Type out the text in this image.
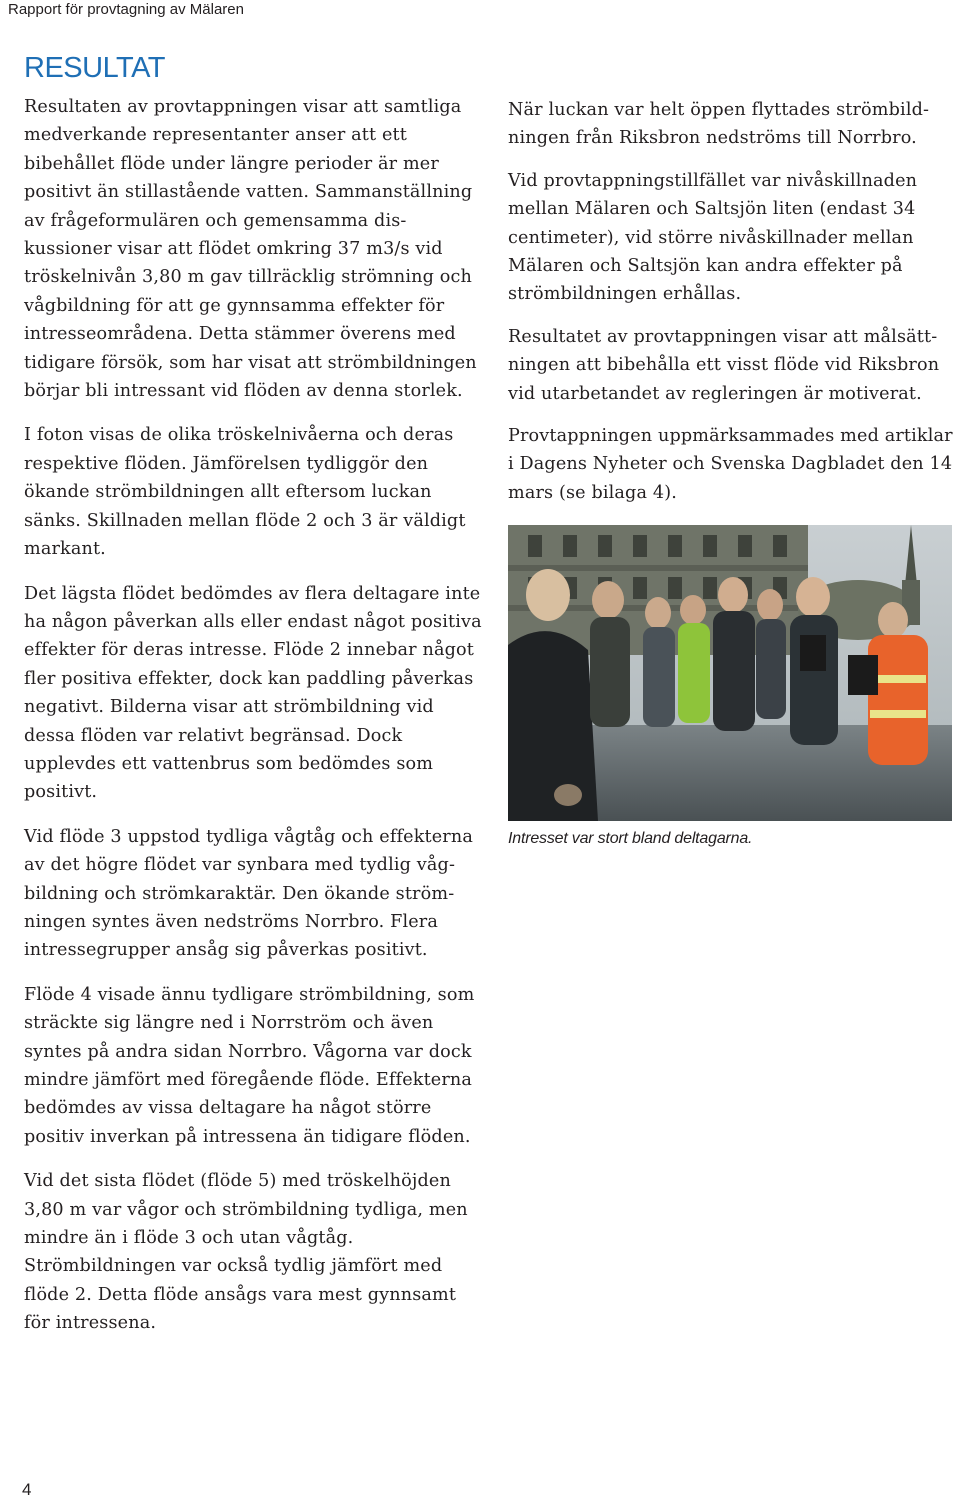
Rapport för provtagning av Mälaren
RESULTAT

Resultaten av provtappningen visar att samtliga medverkande representanter anser att ett bibehållet flöde under längre perioder är mer positivt än stillastående vatten. Sammanställning av frågeformulären och gemensamma diskussioner visar att flödet omkring 37 m3/s vid tröskelnivån 3,80 m gav tillräcklig strömning och vågbildning för att ge gynnsamma effekter för intresseområdena. Detta stämmer överens med tidigare försök, som har visat att strömbildningen börjar bli intressant vid flöden av denna storlek.

I foton visas de olika tröskelnivåerna och deras respektive flöden. Jämförelsen tydliggör den ökande strömbildningen allt eftersom luckan sänks. Skillnaden mellan flöde 2 och 3 är väldigt markant.

Det lägsta flödet bedömdes av flera deltagare inte ha någon påverkan alls eller endast något positiva effekter för deras intresse. Flöde 2 innebar något fler positiva effekter, dock kan paddling påverkas negativt. Bilderna visar att strömbildning vid dessa flöden var relativt begränsad. Dock upplevdes ett vattenbrus som bedömdes som positivt.

Vid flöde 3 uppstod tydliga vågtåg och effekterna av det högre flödet var synbara med tydlig vågbildning och strömkaraktär. Den ökande strömningen syntes även nedströms Norrbro. Flera intressegrupper ansåg sig påverkas positivt.

Flöde 4 visade ännu tydligare strömbildning, som sträckte sig längre ned i Norrström och även syntes på andra sidan Norrbro. Vågorna var dock mindre jämfört med föregående flöde. Effekterna bedömdes av vissa deltagare ha något större positiv inverkan på intressena än tidigare flöden.

Vid det sista flödet (flöde 5) med tröskelhöjden 3,80 m var vågor och strömbildning tydliga, men mindre än i flöde 3 och utan vågtåg. Strömbildningen var också tydlig jämfört med flöde 2. Detta flöde ansågs vara mest gynnsamt för intressena.

När luckan var helt öppen flyttades strömbildningen från Riksbron nedströms till Norrbro.

Vid provtappningstillfället var nivåskillnaden mellan Mälaren och Saltsjön liten (endast 34 centimeter), vid större nivåskillnader mellan Mälaren och Saltsjön kan andra effekter på strömbildningen erhållas.

Resultatet av provtappningen visar att målsättningen att bibehålla ett visst flöde vid Riksbron vid utarbetandet av regleringen är motiverat.

Provtappningen uppmärksammades med artiklar i Dagens Nyheter och Svenska Dagbladet den 14 mars (se bilaga 4).

Intresset var stort bland deltagarna.
4
